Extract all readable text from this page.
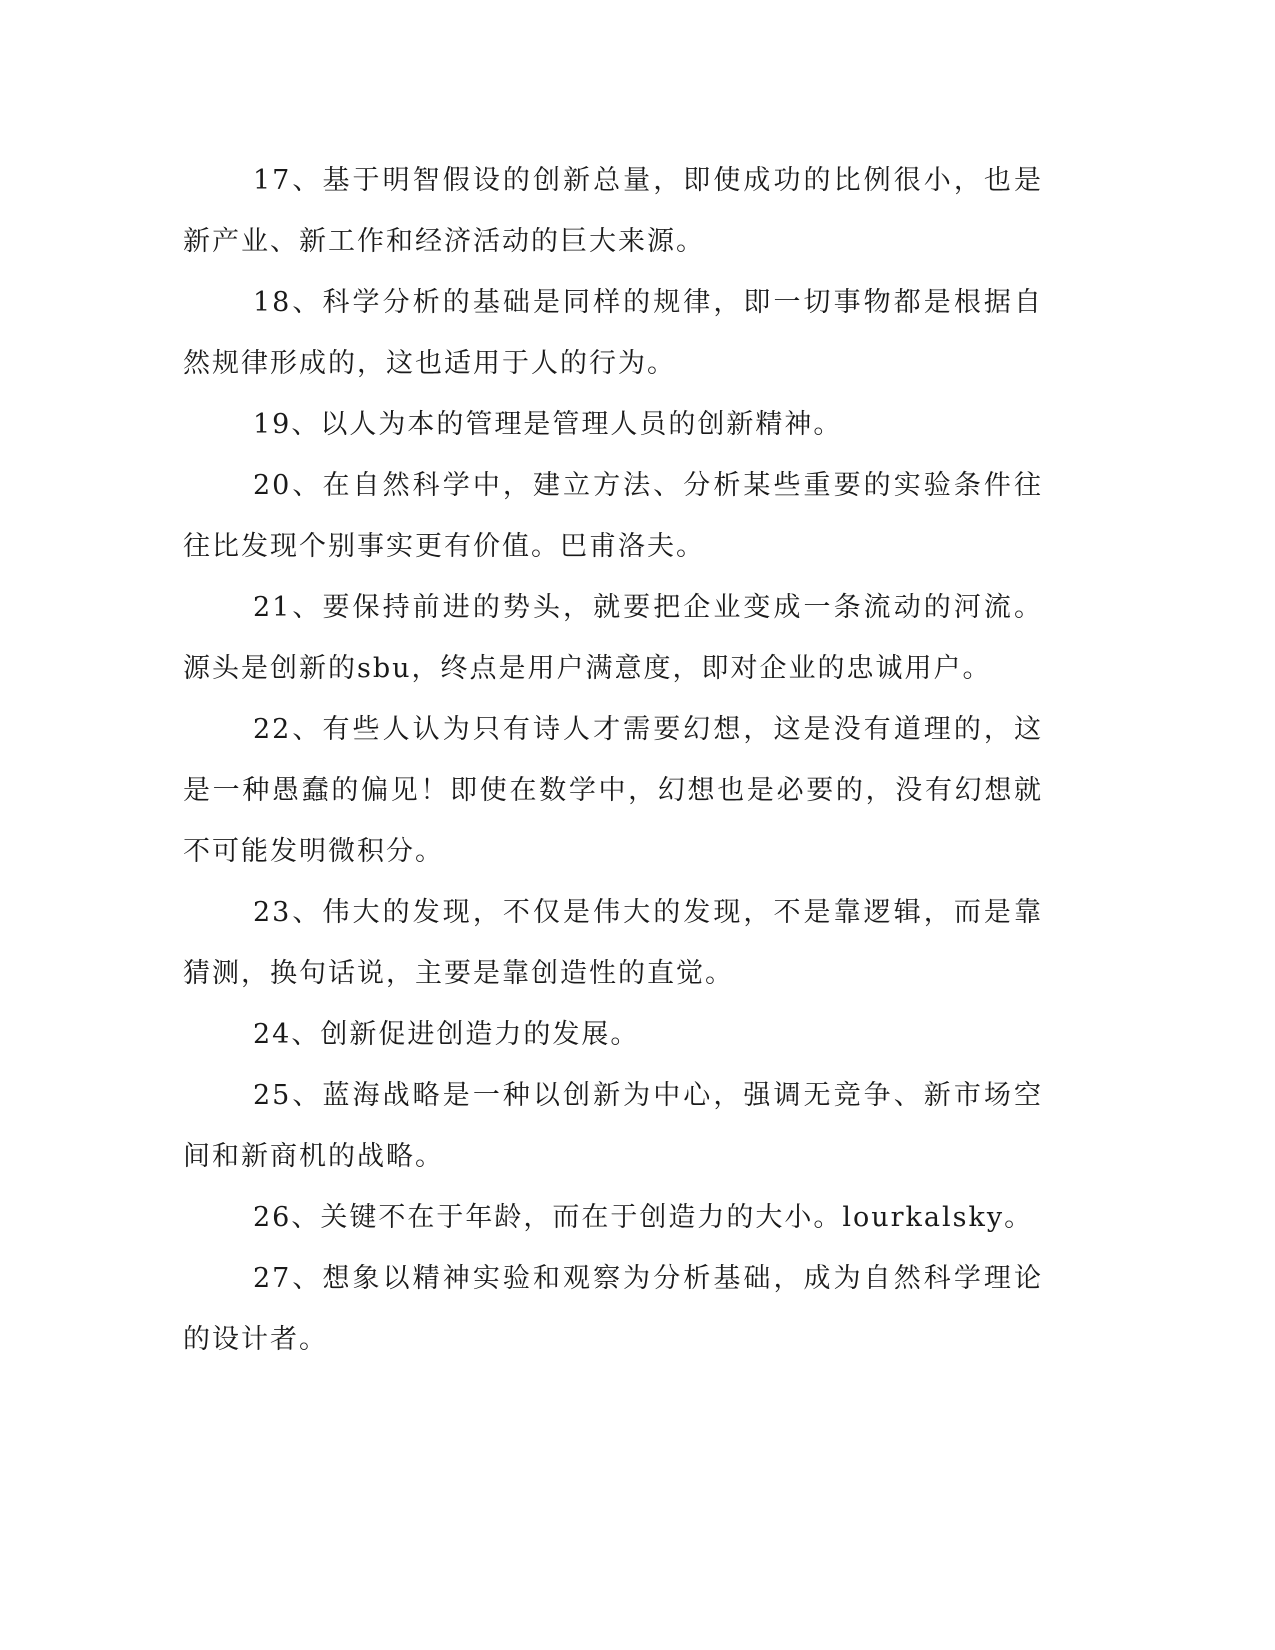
17、基于明智假设的创新总量，即使成功的比例很小，也是新产业、新工作和经济活动的巨大来源。

18、科学分析的基础是同样的规律，即一切事物都是根据自然规律形成的，这也适用于人的行为。

19、以人为本的管理是管理人员的创新精神。

20、在自然科学中，建立方法、分析某些重要的实验条件往往比发现个别事实更有价值。巴甫洛夫。

21、要保持前进的势头，就要把企业变成一条流动的河流。源头是创新的sbu，终点是用户满意度，即对企业的忠诚用户。

22、有些人认为只有诗人才需要幻想，这是没有道理的，这是一种愚蠢的偏见！即使在数学中，幻想也是必要的，没有幻想就不可能发明微积分。

23、伟大的发现，不仅是伟大的发现，不是靠逻辑，而是靠猜测，换句话说，主要是靠创造性的直觉。

24、创新促进创造力的发展。

25、蓝海战略是一种以创新为中心，强调无竞争、新市场空间和新商机的战略。

26、关键不在于年龄，而在于创造力的大小。lourkalsky。

27、想象以精神实验和观察为分析基础，成为自然科学理论的设计者。
